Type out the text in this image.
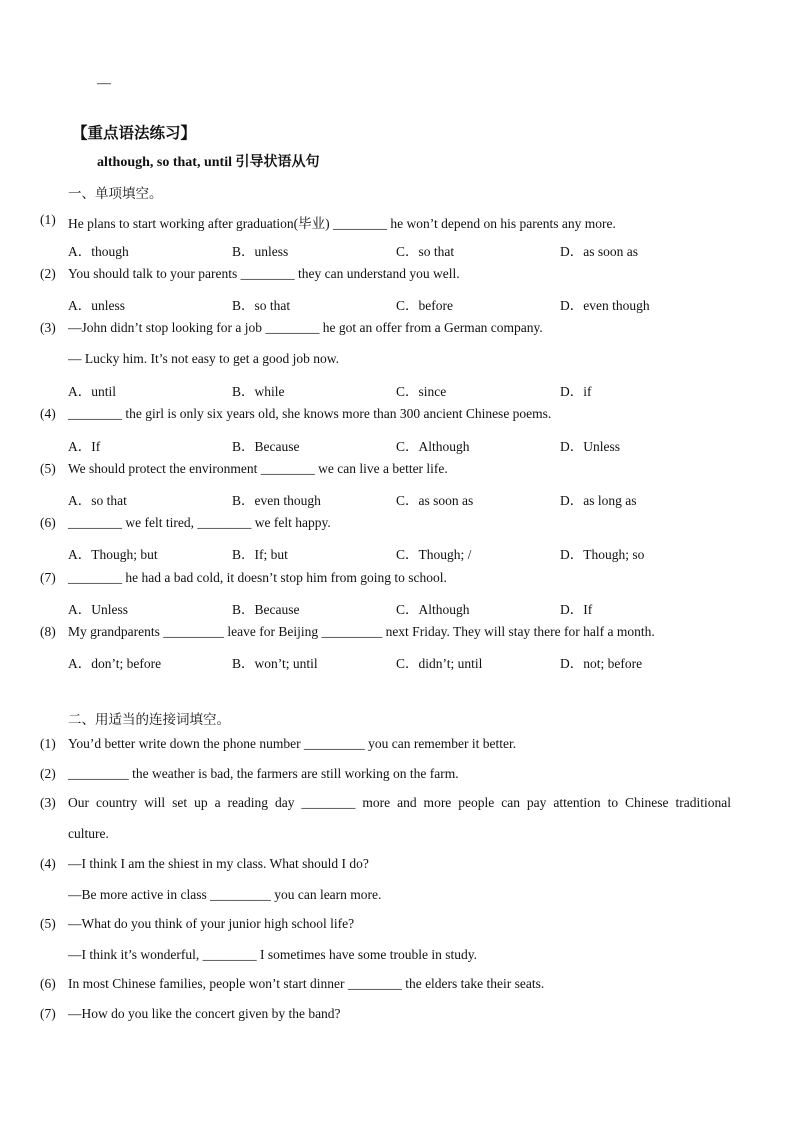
—
【重点语法练习】
although, so that, until 引导状语从句
一、单项填空。
(1) He plans to start working after graduation(毕业) ________ he won’t depend on his parents any more.
A．though	B．unless	C．so that	D．as soon as
(2) You should talk to your parents ________ they can understand you well.
A．unless	B．so that	C．before	D．even though
(3) —John didn’t stop looking for a job ________ he got an offer from a German company.
— Lucky him. It’s not easy to get a good job now.
A．until	B．while	C．since	D．if
(4) ________ the girl is only six years old, she knows more than 300 ancient Chinese poems.
A．If	B．Because	C．Although	D．Unless
(5) We should protect the environment ________ we can live a better life.
A．so that	B．even though	C．as soon as	D．as long as
(6) ________ we felt tired, ________ we felt happy.
A．Though; but	B．If; but	C．Though; /	D．Though; so
(7) ________ he had a bad cold, it doesn’t stop him from going to school.
A．Unless	B．Because	C．Although	D．If
(8) My grandparents _________ leave for Beijing _________ next Friday. They will stay there for half a month.
A．don’t; before	B．won’t; until	C．didn’t; until	D．not; before
二、用适当的连接词填空。
(1) You’d better write down the phone number _________ you can remember it better.
(2) _________ the weather is bad, the farmers are still working on the farm.
(3) Our country will set up a reading day ________ more and more people can pay attention to Chinese traditional
culture.
(4) —I think I am the shiest in my class. What should I do?
—Be more active in class _________ you can learn more.
(5) —What do you think of your junior high school life?
—I think it’s wonderful, ________ I sometimes have some trouble in study.
(6) In most Chinese families, people won’t start dinner ________ the elders take their seats.
(7) —How do you like the concert given by the band?
